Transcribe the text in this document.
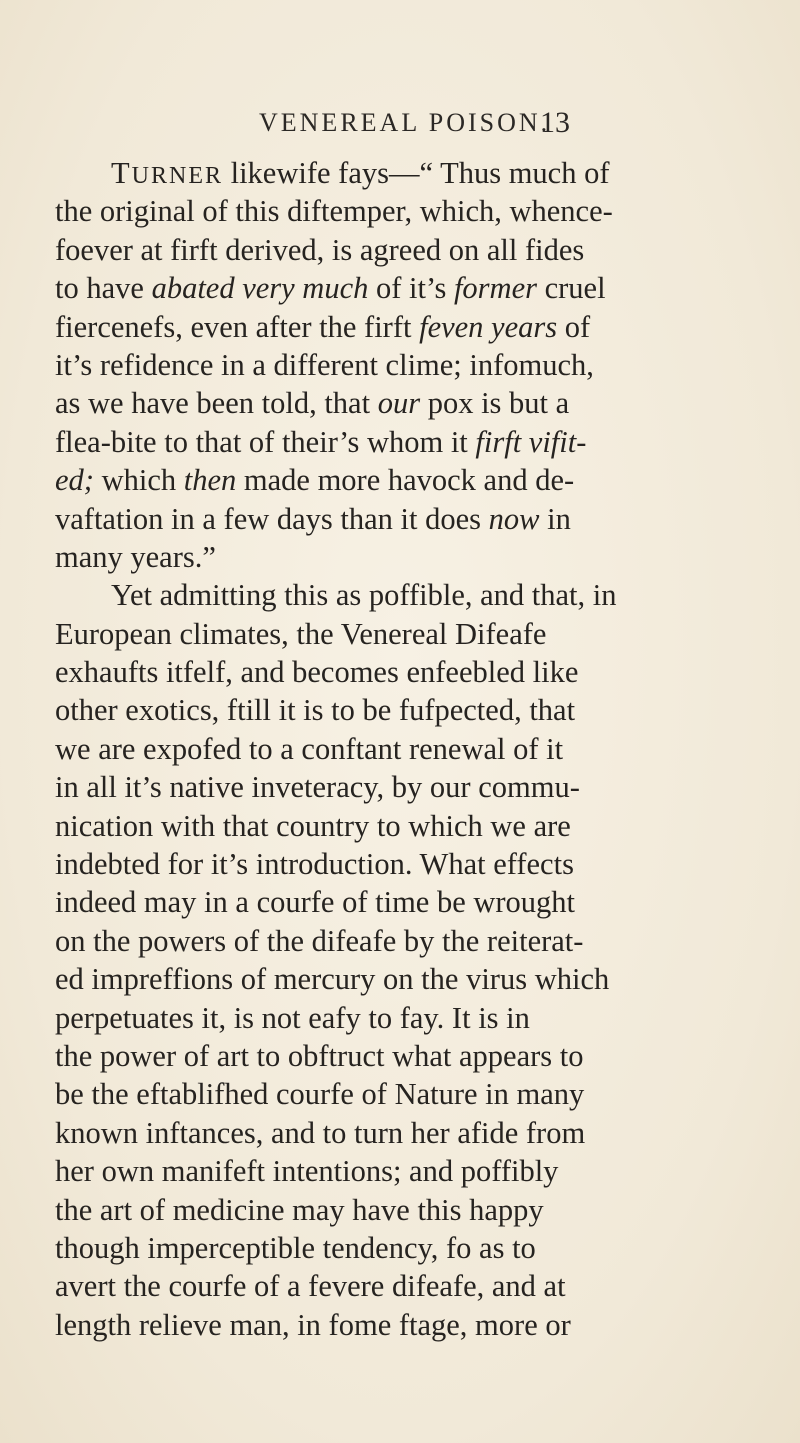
VENEREAL POISON.
13
TURNER likewife fays—“ Thus much of
the original of this diftemper, which, whence-
foever at firft derived, is agreed on all fides
to have abated very much of it’s former cruel
fiercenefs, even after the firft feven years of
it’s refidence in a different clime; infomuch,
as we have been told, that our pox is but a
flea-bite to that of their’s whom it firft vifit-
ed; which then made more havock and de-
vaftation in a few days than it does now in
many years.”
Yet admitting this as poffible, and that, in
European climates, the Venereal Difeafe
exhaufts itfelf, and becomes enfeebled like
other exotics, ftill it is to be fufpected, that
we are expofed to a conftant renewal of it
in all it’s native inveteracy, by our commu-
nication with that country to which we are
indebted for it’s introduction. What effects
indeed may in a courfe of time be wrought
on the powers of the difeafe by the reiterat-
ed impreffions of mercury on the virus which
perpetuates it, is not eafy to fay. It is in
the power of art to obftruct what appears to
be the eftablifhed courfe of Nature in many
known inftances, and to turn her afide from
her own manifeft intentions; and poffibly
the art of medicine may have this happy
though imperceptible tendency, fo as to
avert the courfe of a fevere difeafe, and at
length relieve man, in fome ftage, more or
